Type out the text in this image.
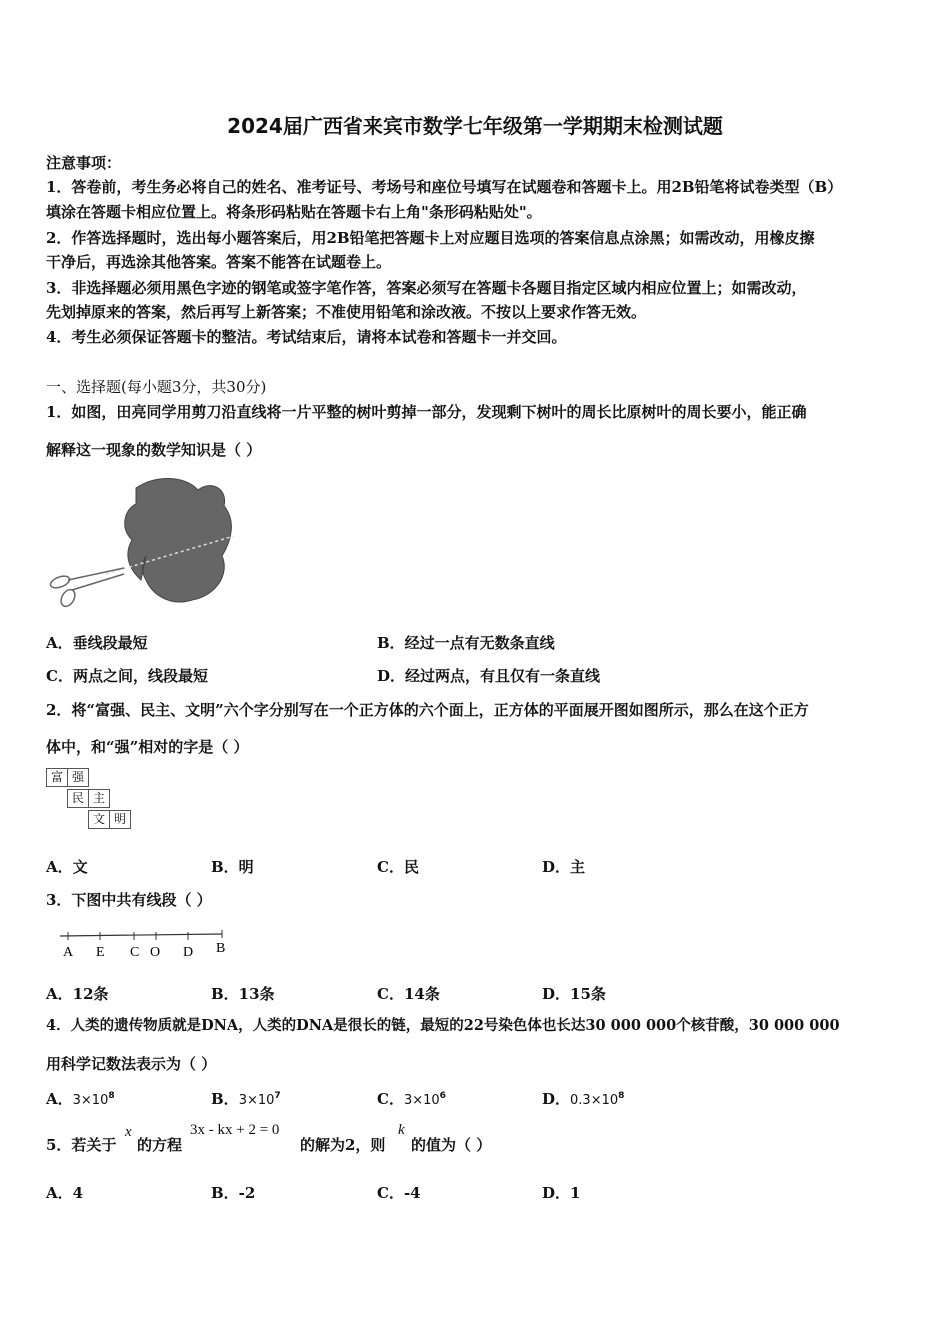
2024届广西省来宾市数学七年级第一学期期末检测试题
注意事项：
1．答卷前，考生务必将自己的姓名、准考证号、考场号和座位号填写在试题卷和答题卡上。用2B铅笔将试卷类型（B）
填涂在答题卡相应位置上。将条形码粘贴在答题卡右上角"条形码粘贴处"。
2．作答选择题时，选出每小题答案后，用2B铅笔把答题卡上对应题目选项的答案信息点涂黑；如需改动，用橡皮擦
干净后，再选涂其他答案。答案不能答在试题卷上。
3．非选择题必须用黑色字迹的钢笔或签字笔作答，答案必须写在答题卡各题目指定区域内相应位置上；如需改动，
先划掉原来的答案，然后再写上新答案；不准使用铅笔和涂改液。不按以上要求作答无效。
4．考生必须保证答题卡的整洁。考试结束后，请将本试卷和答题卡一并交回。
一、选择题(每小题3分，共30分)
1．如图，田亮同学用剪刀沿直线将一片平整的树叶剪掉一部分，发现剩下树叶的周长比原树叶的周长要小，能正确
解释这一现象的数学知识是（ ）
A．垂线段最短	B．经过一点有无数条直线
C．两点之间，线段最短	D．经过两点，有且仅有一条直线
2．将“富强、民主、文明”六个字分别写在一个正方体的六个面上，正方体的平面展开图如图所示，那么在这个正方
体中，和“强”相对的字是（ ）
富 强
民 主
文 明
A．文	B．明	C．民	D．主
3．下图中共有线段（ ）
A E C O D B
A．12条	B．13条	C．14条	D．15条
4．人类的遗传物质就是DNA，人类的DNA是很长的链，最短的22号染色体也长达30 000 000个核苷酸，30 000 000
用科学记数法表示为（ ）
A．$3\times 10^8$	B．$3\times 10^7$	C．$3\times 10^6$	D．$0.3\times 10^8$
5．若关于
x
的方程
3x - kx + 2 = 0
的解为2，则
k
的值为（ ）
A．4	B．-2	C．-4	D．1
